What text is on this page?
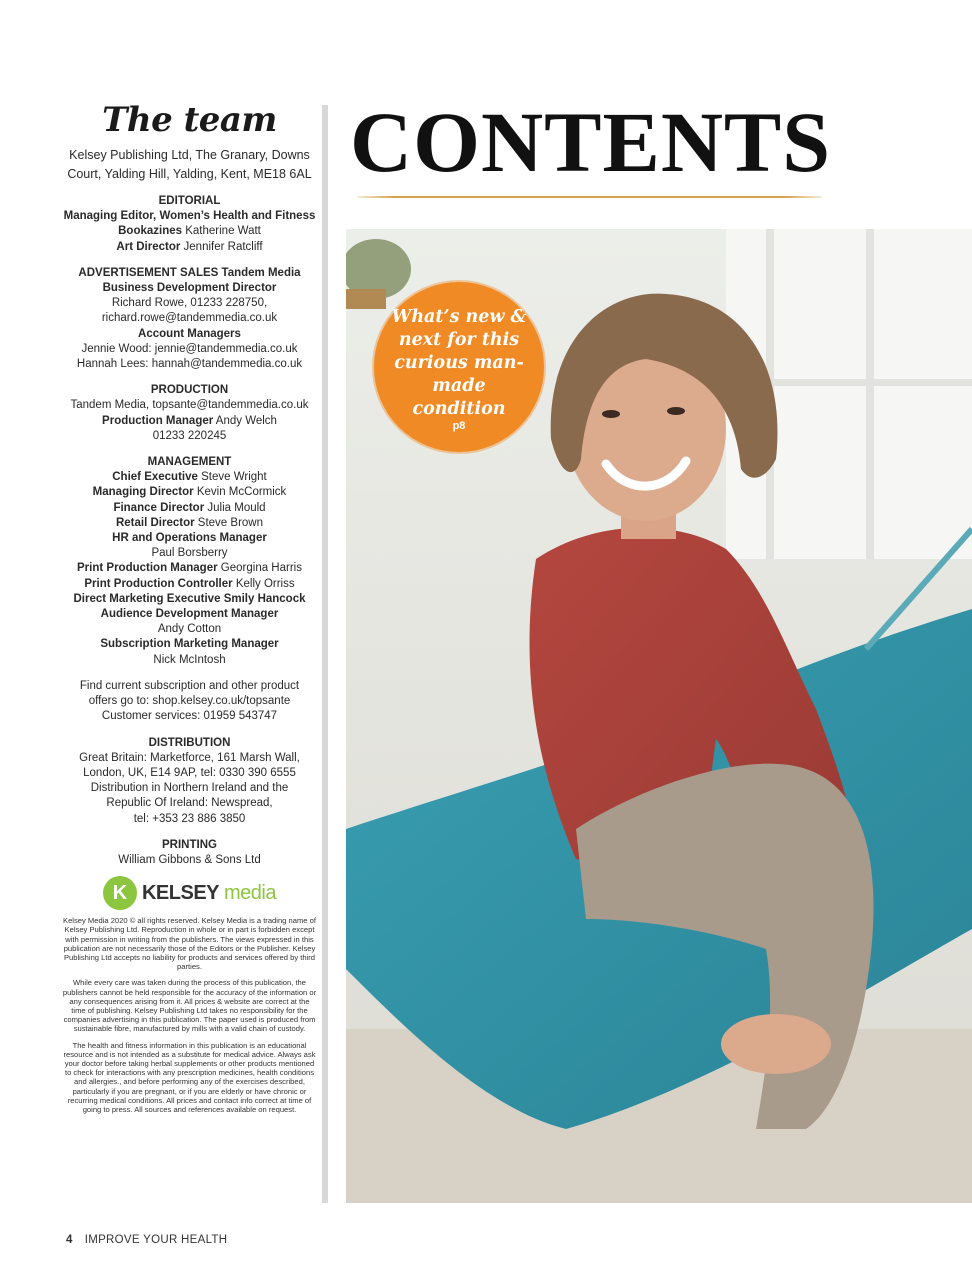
The team
Kelsey Publishing Ltd, The Granary, Downs Court, Yalding Hill, Yalding, Kent, ME18 6AL

EDITORIAL

Managing Editor, Women’s Health and Fitness Bookazines Katherine Watt

Art Director Jennifer Ratcliff

ADVERTISEMENT SALES Tandem Media

Business Development Director

Richard Rowe, 01233 228750,

richard.rowe@tandemmedia.co.uk

Account Managers

Jennie Wood: jennie@tandemmedia.co.uk

Hannah Lees: hannah@tandemmedia.co.uk

PRODUCTION

Tandem Media, topsante@tandemmedia.co.uk

Production Manager Andy Welch

01233 220245

MANAGEMENT

Chief Executive Steve Wright

Managing Director Kevin McCormick

Finance Director Julia Mould

Retail Director Steve Brown

HR and Operations Manager

Paul Borsberry

Print Production Manager Georgina Harris

Print Production Controller Kelly Orriss

Direct Marketing Executive Smily Hancock

Audience Development Manager

Andy Cotton

Subscription Marketing Manager

Nick McIntosh

Find current subscription and other product

offers go to: shop.kelsey.co.uk/topsante

Customer services: 01959 543747

DISTRIBUTION

Great Britain: Marketforce, 161 Marsh Wall,

London, UK, E14 9AP, tel: 0330 390 6555

Distribution in Northern Ireland and the

Republic Of Ireland: Newspread,

tel: +353 23 886 3850

PRINTING

William Gibbons & Sons Ltd

K KELSEY media

Kelsey Media 2020 © all rights reserved. Kelsey Media is a trading name of Kelsey Publishing Ltd. Reproduction in whole or in part is forbidden except with permission in writing from the publishers. The views expressed in this publication are not necessarily those of the Editors or the Publisher. Kelsey Publishing Ltd accepts no liability for products and services offered by third parties.

While every care was taken during the process of this publication, the publishers cannot be held responsible for the accuracy of the information or any consequences arising from it. All prices & website are correct at the time of publishing. Kelsey Publishing Ltd takes no responsibility for the companies advertising in this publication. The paper used is produced from sustainable fibre, manufactured by mills with a valid chain of custody.

The health and fitness information in this publication is an educational resource and is not intended as a substitute for medical advice. Always ask your doctor before taking herbal supplements or other products mentioned to check for interactions with any prescription medicines, health conditions and allergies., and before performing any of the exercises described, particularly if you are pregnant, or if you are elderly or have chronic or recurring medical conditions. All prices and contact info correct at time of going to press. All sources and references available on request.

CONTENTS

What’s new & next for this curious man-made condition

p8

4 IMPROVE YOUR HEALTH
